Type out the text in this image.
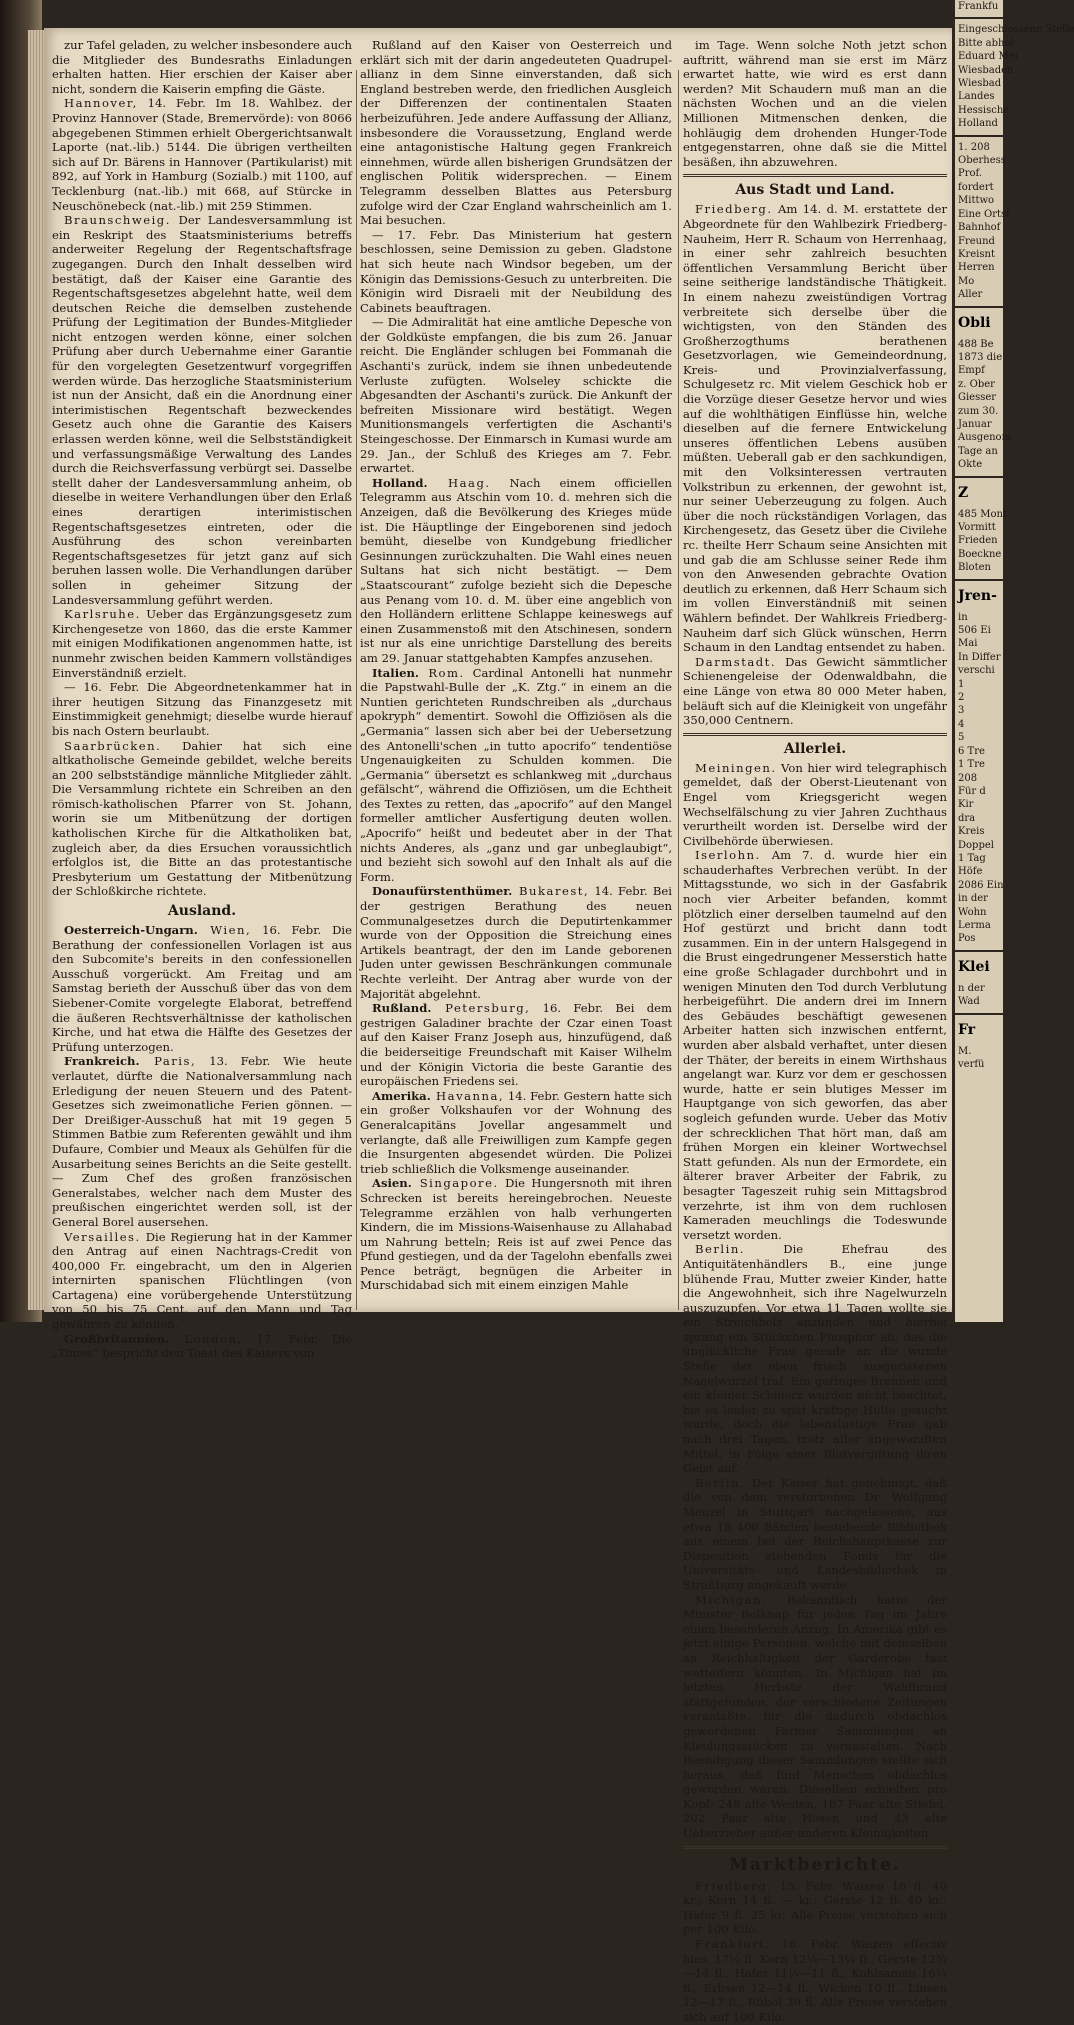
zur Tafel geladen, zu welcher insbesondere auch die Mitglieder des Bundesraths Einladungen erhalten hatten. Hier erschien der Kaiser aber nicht, sondern die Kaiserin empfing die Gäste.

Hannover, 14. Febr. Im 18. Wahlbez. der Provinz Hannover (Stade, Bremervörde): von 8066 abgegebenen Stimmen erhielt Obergerichtsanwalt Laporte (nat.-lib.) 5144. Die übrigen vertheilten sich auf Dr. Bärens in Hannover (Partikularist) mit 892, auf York in Hamburg (Sozialb.) mit 1100, auf Tecklenburg (nat.-lib.) mit 668, auf Stürcke in Neuschönebeck (nat.-lib.) mit 259 Stimmen.

Braunschweig. Der Landesversammlung ist ein Reskript des Staatsministeriums betreffs anderweiter Regelung der Regentschaftsfrage zugegangen. Durch den Inhalt desselben wird bestätigt, daß der Kaiser eine Garantie des Regentschaftsgesetzes abgelehnt hatte, weil dem deutschen Reiche die demselben zustehende Prüfung der Legitimation der Bundes-Mitglieder nicht entzogen werden könne, einer solchen Prüfung aber durch Uebernahme einer Garantie für den vorgelegten Gesetzentwurf vorgegriffen werden würde. Das herzogliche Staatsministerium ist nun der Ansicht, daß ein die Anordnung einer interimistischen Regentschaft bezweckendes Gesetz auch ohne die Garantie des Kaisers erlassen werden könne, weil die Selbstständigkeit und verfassungsmäßige Verwaltung des Landes durch die Reichsverfassung verbürgt sei. Dasselbe stellt daher der Landesversammlung anheim, ob dieselbe in weitere Verhandlungen über den Erlaß eines derartigen interimistischen Regentschaftsgesetzes eintreten, oder die Ausführung des schon vereinbarten Regentschaftsgesetzes für jetzt ganz auf sich beruhen lassen wolle. Die Verhandlungen darüber sollen in geheimer Sitzung der Landesversammlung geführt werden.

Karlsruhe. Ueber das Ergänzungsgesetz zum Kirchengesetze von 1860, das die erste Kammer mit einigen Modifikationen angenommen hatte, ist nunmehr zwischen beiden Kammern vollständiges Einverständniß erzielt.

— 16. Febr. Die Abgeordnetenkammer hat in ihrer heutigen Sitzung das Finanzgesetz mit Einstimmigkeit genehmigt; dieselbe wurde hierauf bis nach Ostern beurlaubt.

Saarbrücken. Dahier hat sich eine altkatholische Gemeinde gebildet, welche bereits an 200 selbstständige männliche Mitglieder zählt. Die Versammlung richtete ein Schreiben an den römisch-katholischen Pfarrer von St. Johann, worin sie um Mitbenützung der dortigen katholischen Kirche für die Altkatholiken bat, zugleich aber, da dies Ersuchen voraussichtlich erfolglos ist, die Bitte an das protestantische Presbyterium um Gestattung der Mitbenützung der Schloßkirche richtete.

Ausland.

Oesterreich-Ungarn. Wien, 16. Febr. Die Berathung der confessionellen Vorlagen ist aus den Subcomite's bereits in den confessionellen Ausschuß vorgerückt. Am Freitag und am Samstag berieth der Ausschuß über das von dem Siebener-Comite vorgelegte Elaborat, betreffend die äußeren Rechtsverhältnisse der katholischen Kirche, und hat etwa die Hälfte des Gesetzes der Prüfung unterzogen.

Frankreich. Paris, 13. Febr. Wie heute verlautet, dürfte die Nationalversammlung nach Erledigung der neuen Steuern und des Patent-Gesetzes sich zweimonatliche Ferien gönnen. — Der Dreißiger-Ausschuß hat mit 19 gegen 5 Stimmen Batbie zum Referenten gewählt und ihm Dufaure, Combier und Meaux als Gehülfen für die Ausarbeitung seines Berichts an die Seite gestellt. — Zum Chef des großen französischen Generalstabes, welcher nach dem Muster des preußischen eingerichtet werden soll, ist der General Borel ausersehen.

Versailles. Die Regierung hat in der Kammer den Antrag auf einen Nachtrags-Credit von 400,000 Fr. eingebracht, um den in Algerien internirten spanischen Flüchtlingen (von Cartagena) eine vorübergehende Unterstützung von 50 bis 75 Cent. auf den Mann und Tag gewähren zu können.

Großbritannien. London, 17. Febr. Die „Times“ bespricht den Toast des Kaisers von

Rußland auf den Kaiser von Oesterreich und erklärt sich mit der darin angedeuteten Quadrupel-allianz in dem Sinne einverstanden, daß sich England bestreben werde, den friedlichen Ausgleich der Differenzen der continentalen Staaten herbeizuführen. Jede andere Auffassung der Allianz, insbesondere die Voraussetzung, England werde eine antagonistische Haltung gegen Frankreich einnehmen, würde allen bisherigen Grundsätzen der englischen Politik widersprechen. — Einem Telegramm desselben Blattes aus Petersburg zufolge wird der Czar England wahrscheinlich am 1. Mai besuchen.

— 17. Febr. Das Ministerium hat gestern beschlossen, seine Demission zu geben. Gladstone hat sich heute nach Windsor begeben, um der Königin das Demissions-Gesuch zu unterbreiten. Die Königin wird Disraeli mit der Neubildung des Cabinets beauftragen.

— Die Admiralität hat eine amtliche Depesche von der Goldküste empfangen, die bis zum 26. Januar reicht. Die Engländer schlugen bei Fommanah die Aschanti's zurück, indem sie ihnen unbedeutende Verluste zufügten. Wolseley schickte die Abgesandten der Aschanti's zurück. Die Ankunft der befreiten Missionare wird bestätigt. Wegen Munitionsmangels verfertigten die Aschanti's Steingeschosse. Der Einmarsch in Kumasi wurde am 29. Jan., der Schluß des Krieges am 7. Febr. erwartet.

Holland. Haag. Nach einem officiellen Telegramm aus Atschin vom 10. d. mehren sich die Anzeigen, daß die Bevölkerung des Krieges müde ist. Die Häuptlinge der Eingeborenen sind jedoch bemüht, dieselbe von Kundgebung friedlicher Gesinnungen zurückzuhalten. Die Wahl eines neuen Sultans hat sich nicht bestätigt. — Dem „Staatscourant“ zufolge bezieht sich die Depesche aus Penang vom 10. d. M. über eine angeblich von den Holländern erlittene Schlappe keineswegs auf einen Zusammenstoß mit den Atschinesen, sondern ist nur als eine unrichtige Darstellung des bereits am 29. Januar stattgehabten Kampfes anzusehen.

Italien. Rom. Cardinal Antonelli hat nunmehr die Papstwahl-Bulle der „K. Ztg.“ in einem an die Nuntien gerichteten Rundschreiben als „durchaus apokryph“ dementirt. Sowohl die Offiziösen als die „Germania“ lassen sich aber bei der Uebersetzung des Antonelli'schen „in tutto apocrifo“ tendentiöse Ungenauigkeiten zu Schulden kommen. Die „Germania“ übersetzt es schlankweg mit „durchaus gefälscht“, während die Offiziösen, um die Echtheit des Textes zu retten, das „apocrifo“ auf den Mangel formeller amtlicher Ausfertigung deuten wollen. „Apocrifo“ heißt und bedeutet aber in der That nichts Anderes, als „ganz und gar unbeglaubigt“, und bezieht sich sowohl auf den Inhalt als auf die Form.

Donaufürstenthümer. Bukarest, 14. Febr. Bei der gestrigen Berathung des neuen Communalgesetzes durch die Deputirtenkammer wurde von der Opposition die Streichung eines Artikels beantragt, der den im Lande geborenen Juden unter gewissen Beschränkungen communale Rechte verleiht. Der Antrag aber wurde von der Majorität abgelehnt.

Rußland. Petersburg, 16. Febr. Bei dem gestrigen Galadiner brachte der Czar einen Toast auf den Kaiser Franz Joseph aus, hinzufügend, daß die beiderseitige Freundschaft mit Kaiser Wilhelm und der Königin Victoria die beste Garantie des europäischen Friedens sei.

Amerika. Havanna, 14. Febr. Gestern hatte sich ein großer Volkshaufen vor der Wohnung des Generalcapitäns Jovellar angesammelt und verlangte, daß alle Freiwilligen zum Kampfe gegen die Insurgenten abgesendet würden. Die Polizei trieb schließlich die Volksmenge auseinander.

Asien. Singapore. Die Hungersnoth mit ihren Schrecken ist bereits hereingebrochen. Neueste Telegramme erzählen von halb verhungerten Kindern, die im Missions-Waisenhause zu Allahabad um Nahrung betteln; Reis ist auf zwei Pence das Pfund gestiegen, und da der Tagelohn ebenfalls zwei Pence beträgt, begnügen die Arbeiter in Murschidabad sich mit einem einzigen Mahle

im Tage. Wenn solche Noth jetzt schon auftritt, während man sie erst im März erwartet hatte, wie wird es erst dann werden? Mit Schaudern muß man an die nächsten Wochen und an die vielen Millionen Mitmenschen denken, die hohläugig dem drohenden Hunger-Tode entgegenstarren, ohne daß sie die Mittel besäßen, ihn abzuwehren.

Aus Stadt und Land.

Friedberg. Am 14. d. M. erstattete der Abgeordnete für den Wahlbezirk Friedberg-Nauheim, Herr R. Schaum von Herrenhaag, in einer sehr zahlreich besuchten öffentlichen Versammlung Bericht über seine seitherige landständische Thätigkeit. In einem nahezu zweistündigen Vortrag verbreitete sich derselbe über die wichtigsten, von den Ständen des Großherzogthums berathenen Gesetzvorlagen, wie Gemeindeordnung, Kreis- und Provinzialverfassung, Schulgesetz rc. Mit vielem Geschick hob er die Vorzüge dieser Gesetze hervor und wies auf die wohlthätigen Einflüsse hin, welche dieselben auf die fernere Entwickelung unseres öffentlichen Lebens ausüben müßten. Ueberall gab er den sachkundigen, mit den Volksinteressen vertrauten Volkstribun zu erkennen, der gewohnt ist, nur seiner Ueberzeugung zu folgen. Auch über die noch rückständigen Vorlagen, das Kirchengesetz, das Gesetz über die Civilehe rc. theilte Herr Schaum seine Ansichten mit und gab die am Schlusse seiner Rede ihm von den Anwesenden gebrachte Ovation deutlich zu erkennen, daß Herr Schaum sich im vollen Einverständniß mit seinen Wählern befindet. Der Wahlkreis Friedberg-Nauheim darf sich Glück wünschen, Herrn Schaum in den Landtag entsendet zu haben.

Darmstadt. Das Gewicht sämmtlicher Schienengeleise der Odenwaldbahn, die eine Länge von etwa 80 000 Meter haben, beläuft sich auf die Kleinigkeit von ungefähr 350,000 Centnern.

Allerlei.

Meiningen. Von hier wird telegraphisch gemeldet, daß der Oberst-Lieutenant von Engel vom Kriegsgericht wegen Wechselfälschung zu vier Jahren Zuchthaus verurtheilt worden ist. Derselbe wird der Civilbehörde überwiesen.

Iserlohn. Am 7. d. wurde hier ein schauderhaftes Verbrechen verübt. In der Mittagsstunde, wo sich in der Gasfabrik noch vier Arbeiter befanden, kommt plötzlich einer derselben taumelnd auf den Hof gestürzt und bricht dann todt zusammen. Ein in der untern Halsgegend in die Brust eingedrungener Messerstich hatte eine große Schlagader durchbohrt und in wenigen Minuten den Tod durch Verblutung herbeigeführt. Die andern drei im Innern des Gebäudes beschäftigt gewesenen Arbeiter hatten sich inzwischen entfernt, wurden aber alsbald verhaftet, unter diesen der Thäter, der bereits in einem Wirthshaus angelangt war. Kurz vor dem er geschossen wurde, hatte er sein blutiges Messer im Hauptgange von sich geworfen, das aber sogleich gefunden wurde. Ueber das Motiv der schrecklichen That hört man, daß am frühen Morgen ein kleiner Wortwechsel Statt gefunden. Als nun der Ermordete, ein älterer braver Arbeiter der Fabrik, zu besagter Tageszeit ruhig sein Mittagsbrod verzehrte, ist ihm von dem ruchlosen Kameraden meuchlings die Todeswunde versetzt worden.

Berlin. Die Ehefrau des Antiquitätenhändlers B., eine junge blühende Frau, Mutter zweier Kinder, hatte die Angewohnheit, sich ihre Nagelwurzeln auszuzupfen. Vor etwa 11 Tagen wollte sie ein Streichholz anzünden und hierbei sprang ein Stückchen Phosphor ab, das die unglückliche Frau gerade an die wunde Stelle der eben frisch ausgerissenen Nagelwurzel traf. Ein geringes Brennen und ein kleiner Schmerz wurden nicht beachtet, bis es leider zu spät kräftige Hülfe gesucht wurde, doch die lebenslustige Frau gab nach drei Tagen, trotz aller angewandten Mittel, in Folge einer Blutvergiftung ihren Geist auf.

Berlin. Der Kaiser hat genehmigt, daß die von dem verstorbenen Dr. Wolfgang Menzel in Stuttgart nachgelassene, aus etwa 18 400 Bänden bestehende Bibliothek aus einem bei der Reichshauptkasse zur Disposition stehenden Fonds für die Universitäts- und Landesbibliothek in Straßburg angekauft werde.

Michigan. Bekanntlich hatte der Minister Belknap für jeden Tag im Jahre einen besonderen Anzug. In Amerika gibt es jetzt einige Personen, welche mit demselben an Reichhaltigkeit der Garderobe fast wetteifern könnten. In Michigan hat im letzten Herbste der Waldbrand stattgefunden, der verschiedene Zeitungen veranlaßte, für die dadurch obdachlos gewordenen Farmer Sammlungen an Kleidungsstücken zu veranstalten. Nach Beendigung dieser Sammlungen stellte sich heraus, daß fünf Menschen obdachlos geworden waren. Dieselben erhielten pro Kopf: 248 alte Westen, 187 Paar alte Stiefel, 202 Paar alte Hosen und 43 alte Ueberzieher außer anderen Kleinigkeiten.

Marktberichte.

Friedberg, 15. Febr. Waizen 16 fl. 40 kr.; Korn 14 fl. — kr.; Gerste 12 fl. 40 kr.; Hafer 9 fl. 25 kr. Alle Preise verstehen sich per 100 Kilo.

Frankfurt, 16. Febr. Waizen effectiv hies. 17¼ fl. Korn 12¼—13¼ fl., Gerste 12¾—14 fl., Hafer 11¼—11 fl., Kohlsamen 16¼ fl., Erbsen 12—14 fl., Wicken 10 fl., Linsen 12—17 fl., Rüböl 39 fl. Alle Preise verstehen sich auf 100 Kilo.

Frankfu
Eingeschlossene Stelle
Bitte abhol
Eduard Mei
Wiesbaden
Wiesbad
Landes
Hessische
Holland
1. 208
Oberhess
Prof.
fordert
Mittwo
Eine Ortst
Bahnhof
Freund
Kreisnt
Herren
Mo
Aller
Obli
488 Be
1873 die
Empf
z. Ober
Giesser
zum 30.
Januar
Ausgenom
Tage an
Okte
Z
485 Mont
Vormitt
Frieden
Boeckne
Bloten
Jren-
in
506 Ei
Mai
In Differ
verschi
1
2
3
4
5
6 Tre
1 Tre
208
Für d
Kir
dra
Kreis
Doppel
1 Tag
Höfe
2086 Ein
in der
Wohn
Lerma
Pos
Klei
n der
Wad
Fr
M.
verfü
